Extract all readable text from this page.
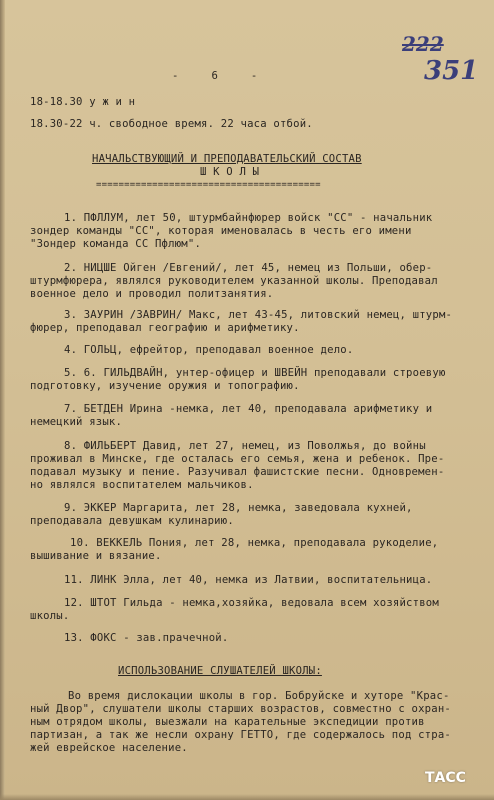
222
351
-     6     -
18-18.30 у ж и н
18.30-22 ч. свободное время. 22 часа отбой.
НАЧАЛЬСТВУЮЩИЙ И ПРЕПОДАВАТЕЛЬСКИЙ СОСТАВ
Ш К О Л Ы
========================================
1. ПФЛЛУМ, лет 50, штурмбайнфюрер войск "СС" - начальник
зондер команды "СС", которая именовалась в честь его имени
"Зондер команда СС Пфлюм".
2. НИЦШЕ Ойген /Евгений/, лет 45, немец из Польши, обер-
штурмфюрера, являлся руководителем указанной школы. Преподавал
военное дело и проводил политзанятия.
3. ЗАУРИН /ЗАВРИН/ Макс, лет 43-45, литовский немец, штурм-
фюрер, преподавал географию и арифметику.
4. ГОЛЬЦ, ефрейтор, преподавал военное дело.
5. 6. ГИЛЬДВАЙН, унтер-офицер и ШВЕЙН преподавали строевую
подготовку, изучение оружия и топографию.
7. БЕТДЕН Ирина -немка, лет 40, преподавала арифметику и
немецкий язык.
8. ФИЛЬБЕРТ Давид, лет 27, немец, из Поволжья, до войны
проживал в Минске, где осталась его семья, жена и ребенок. Пре-
подавал музыку и пение. Разучивал фашистские песни. Одновремен-
но являлся воспитателем мальчиков.
9. ЭККЕР Маргарита, лет 28, немка, заведовала кухней,
преподавала девушкам кулинарию.
10. ВЕККЕЛЬ Пония, лет 28, немка, преподавала рукоделие,
вышивание и вязание.
11. ЛИНК Элла, лет 40, немка из Латвии, воспитательница.
12. ШТОТ Гильда - немка,хозяйка, ведовала всем хозяйством
школы.
13. ФОКС - зав.прачечной.
ИСПОЛЬЗОВАНИЕ СЛУШАТЕЛЕЙ ШКОЛЫ:
Во время дислокации школы в гор. Бобруйске и хуторе "Крас-
ный Двор", слушатели школы старших возрастов, совместно с охран-
ным отрядом школы, выезжали на карательные экспедиции против
партизан, а так же несли охрану ГЕТТО, где содержалось под стра-
жей еврейское население.
ТАСС
